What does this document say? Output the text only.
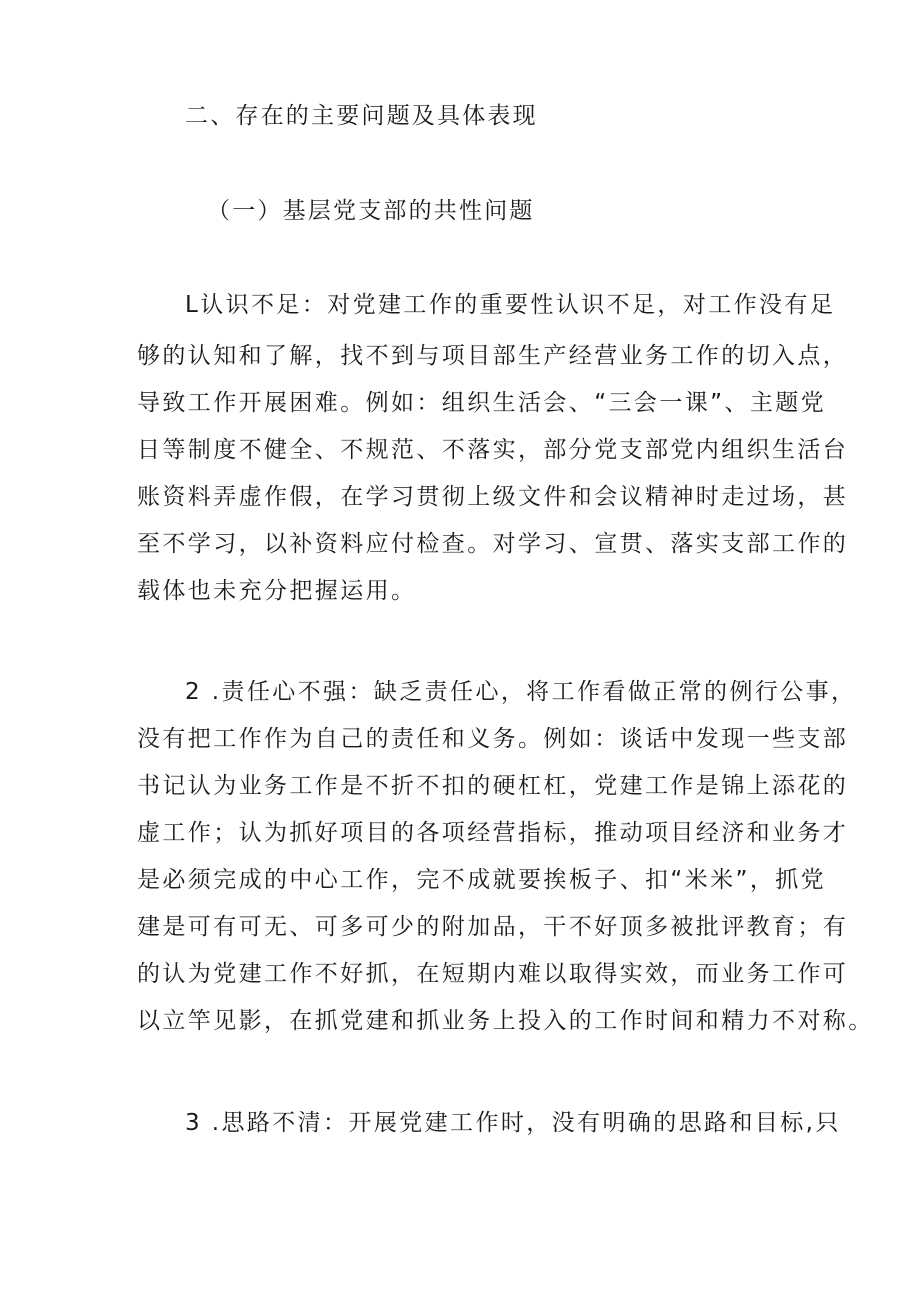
二、存在的主要问题及具体表现
（一）基层党支部的共性问题
L认识不足：对党建工作的重要性认识不足，对工作没有足
够的认知和了解，找不到与项目部生产经营业务工作的切入点，
导致工作开展困难。例如：组织生活会、“三会一课”、主题党
日等制度不健全、不规范、不落实，部分党支部党内组织生活台
账资料弄虚作假，在学习贯彻上级文件和会议精神时走过场，甚
至不学习，以补资料应付检查。对学习、宣贯、落实支部工作的
载体也未充分把握运用。
2 .责任心不强：缺乏责任心，将工作看做正常的例行公事，
没有把工作作为自己的责任和义务。例如：谈话中发现一些支部
书记认为业务工作是不折不扣的硬杠杠，党建工作是锦上添花的
虚工作；认为抓好项目的各项经营指标，推动项目经济和业务才
是必须完成的中心工作，完不成就要挨板子、扣“米米”，抓党
建是可有可无、可多可少的附加品，干不好顶多被批评教育；有
的认为党建工作不好抓，在短期内难以取得实效，而业务工作可
以立竿见影，在抓党建和抓业务上投入的工作时间和精力不对称。
3 .思路不清：开展党建工作时，没有明确的思路和目标,只
